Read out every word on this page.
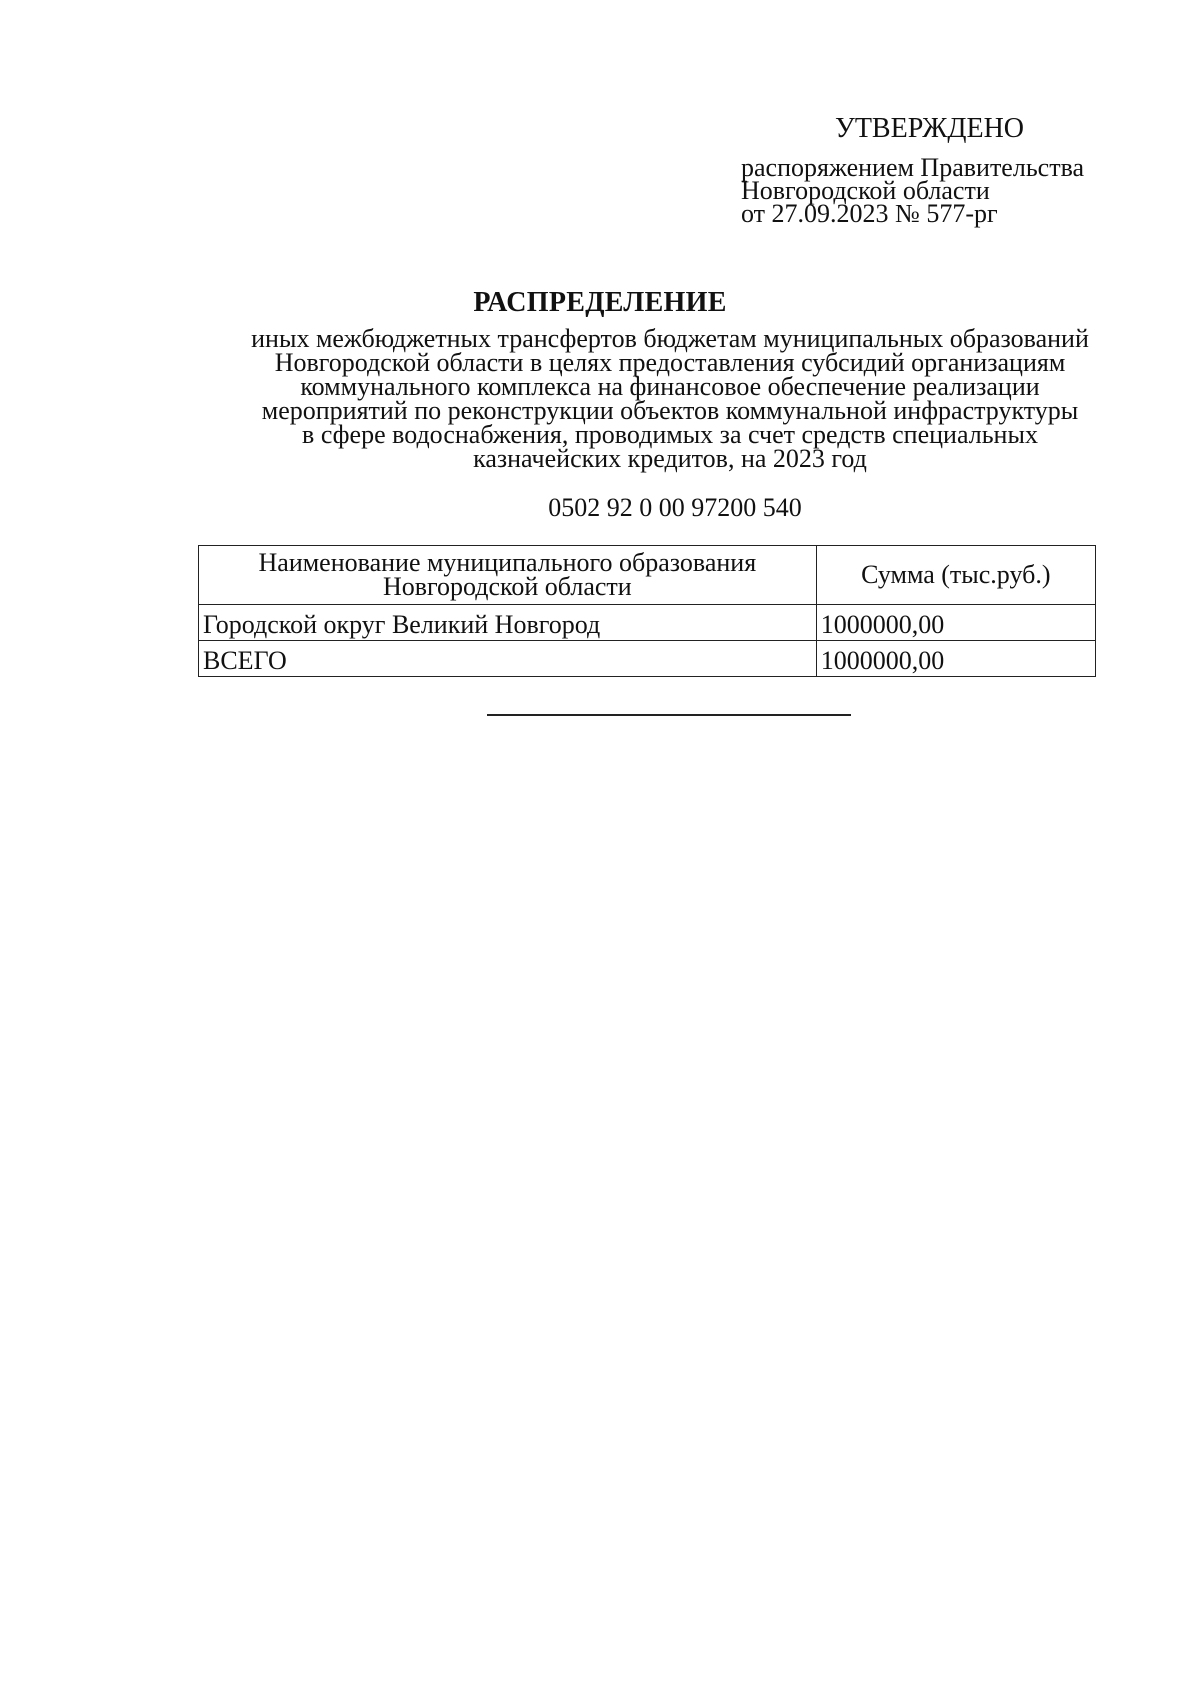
УТВЕРЖДЕНО
распоряжением Правительства
Новгородской области
от 27.09.2023 № 577-рг
РАСПРЕДЕЛЕНИЕ
иных межбюджетных трансфертов бюджетам муниципальных образований
Новгородской области в целях предоставления субсидий организациям
коммунального комплекса на финансовое обеспечение реализации
мероприятий по реконструкции объектов коммунальной инфраструктуры
в сфере водоснабжения, проводимых за счет средств специальных
казначейских кредитов, на 2023 год
0502 92 0 00 97200 540
Наименование муниципального образования
Новгородской области	Сумма (тыс.руб.)
Городской округ Великий Новгород	1000000,00
ВСЕГО	1000000,00
